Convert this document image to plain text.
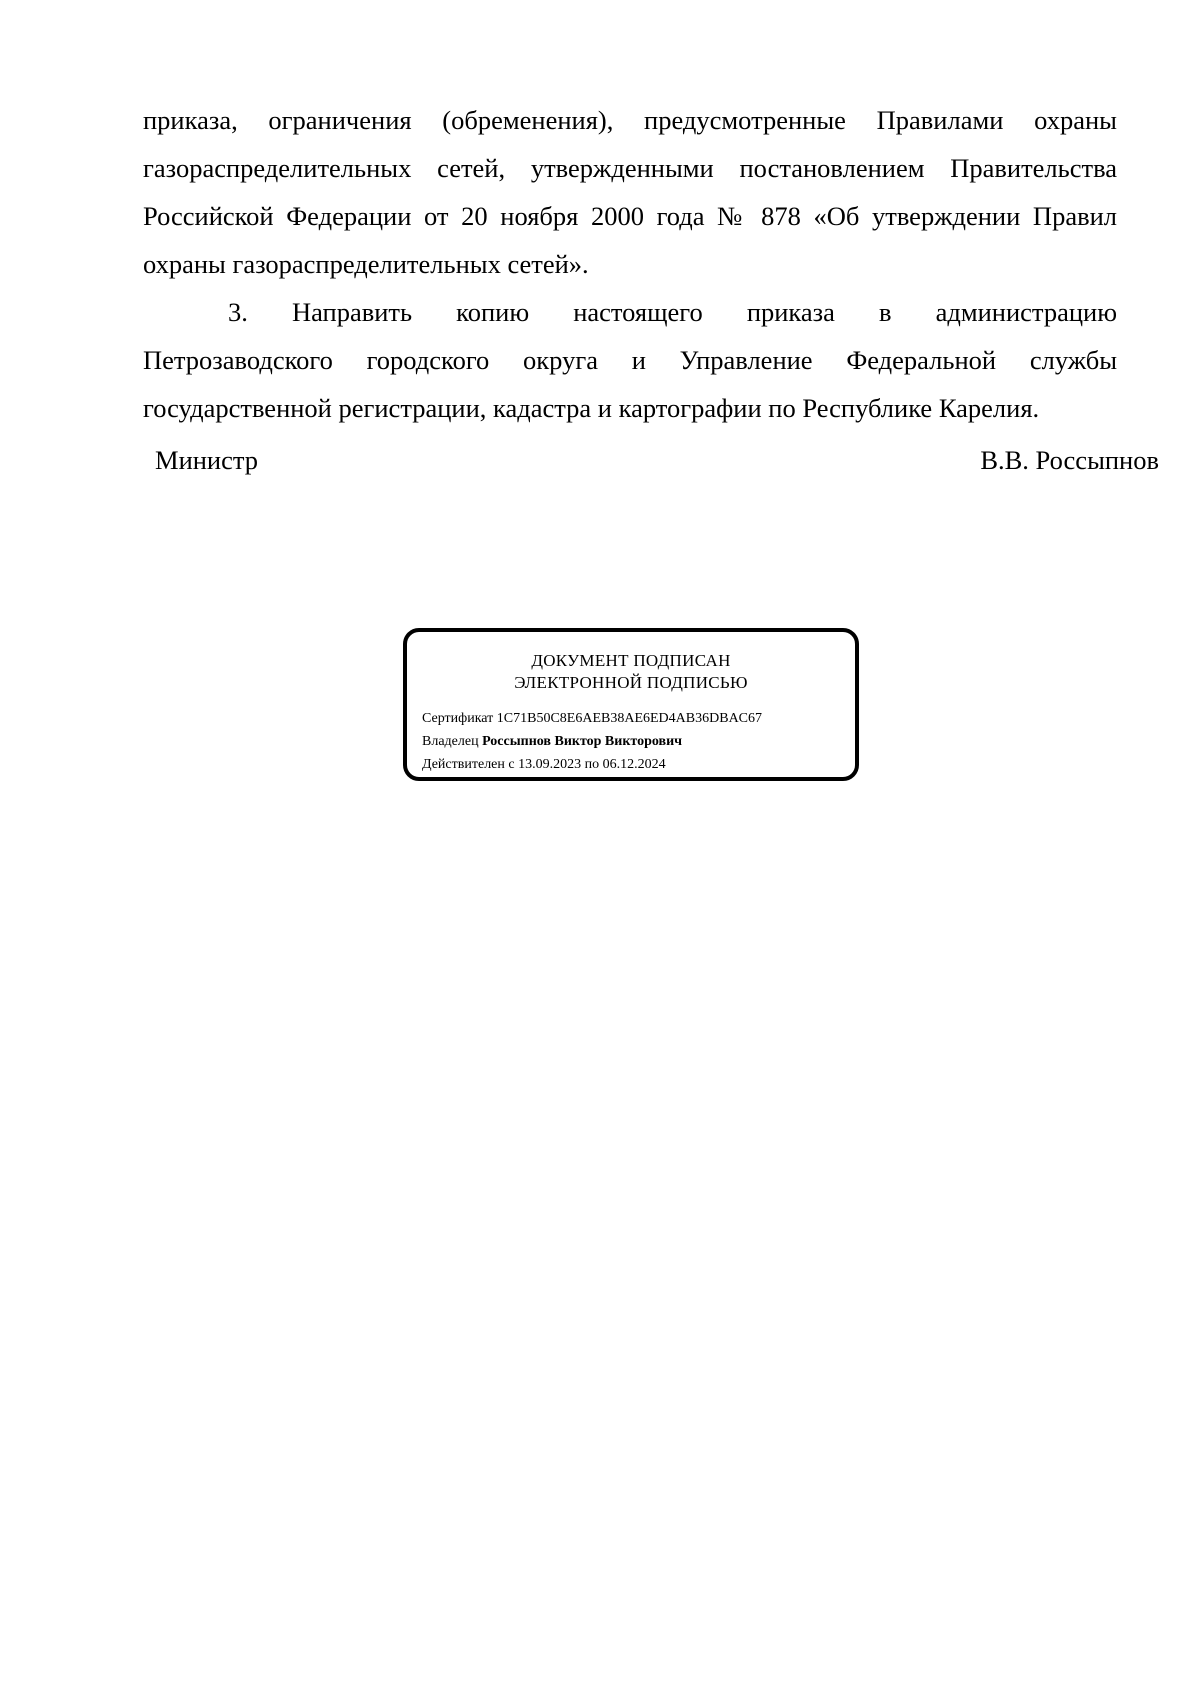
приказа, ограничения (обременения), предусмотренные Правилами охраны
газораспределительных сетей, утвержденными постановлением Правительства
Российской Федерации от 20 ноября 2000 года № 878 «Об утверждении Правил
охраны газораспределительных сетей».

3. Направить копию настоящего приказа в администрацию
Петрозаводского городского округа и Управление Федеральной службы
государственной регистрации, кадастра и картографии по Республике Карелия.

Министр	В.В. Россыпнов
ДОКУМЕНТ ПОДПИСАН
ЭЛЕКТРОННОЙ ПОДПИСЬЮ
Сертификат 1C71B50C8E6AEB38AE6ED4AB36DBAC67
Владелец Россыпнов Виктор Викторович
Действителен с 13.09.2023 по 06.12.2024
